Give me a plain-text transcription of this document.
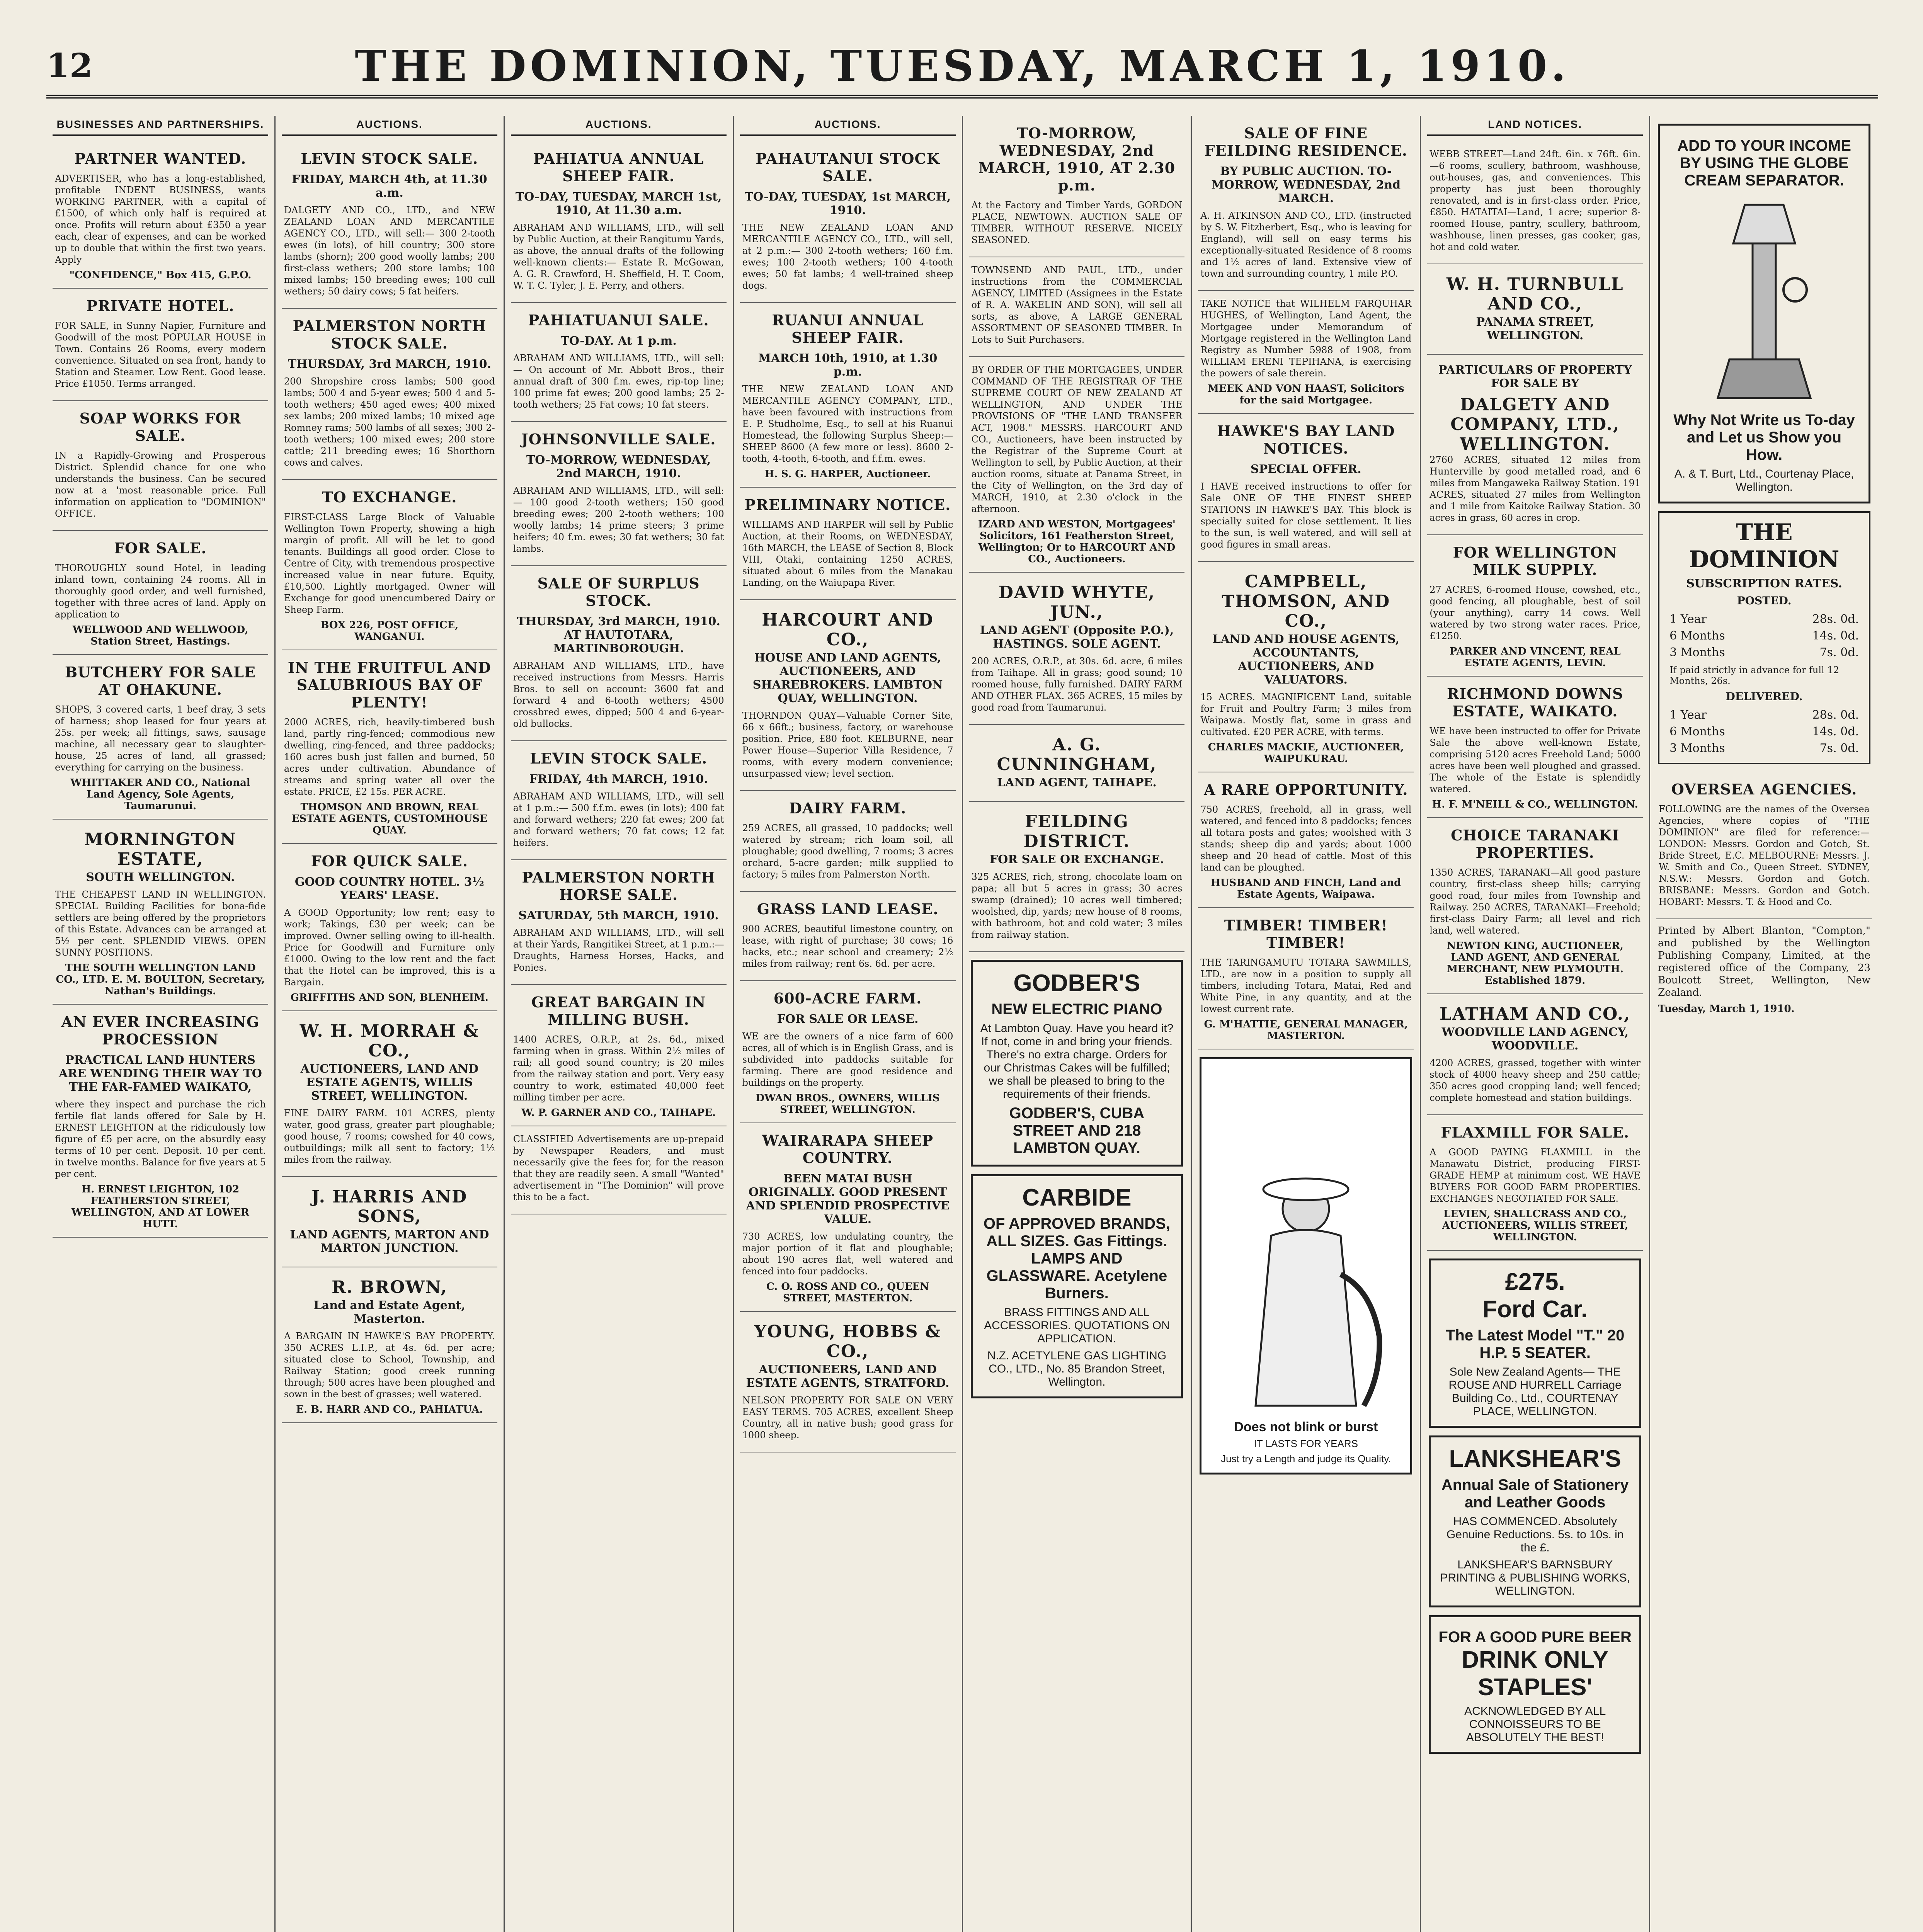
12	THE DOMINION, TUESDAY, MARCH 1, 1910.
BUSINESSES AND PARTNERSHIPS.
PARTNER WANTED.

ADVERTISER, who has a long-established, profitable INDENT BUSINESS, wants WORKING PARTNER, with a capital of £1500, of which only half is required at once. Profits will return about £350 a year each, clear of expenses, and can be worked up to double that within the first two years. Apply

"CONFIDENCE," Box 415, G.P.O.
PRIVATE HOTEL.

FOR SALE, in Sunny Napier, Furniture and Goodwill of the most POPULAR HOUSE in Town. Contains 26 Rooms, every modern convenience. Situated on sea front, handy to Station and Steamer. Low Rent. Good lease. Price £1050. Terms arranged.

SOAP WORKS FOR SALE.

IN a Rapidly-Growing and Prosperous District. Splendid chance for one who understands the business. Can be secured now at a 'most reasonable price. Full information on application to "DOMINION" OFFICE.

FOR SALE.

THOROUGHLY sound Hotel, in leading inland town, containing 24 rooms. All in thoroughly good order, and well furnished, together with three acres of land. Apply on application to

WELLWOOD AND WELLWOOD, Station Street, Hastings.
BUTCHERY FOR SALE AT OHAKUNE.

SHOPS, 3 covered carts, 1 beef dray, 3 sets of harness; shop leased for four years at 25s. per week; all fittings, saws, sausage machine, all necessary gear to slaughter-house, 25 acres of land, all grassed; everything for carrying on the business.

WHITTAKER AND CO., National Land Agency, Sole Agents, Taumarunui.
MORNINGTON ESTATE,
SOUTH WELLINGTON.

THE CHEAPEST LAND IN WELLINGTON. SPECIAL Building Facilities for bona-fide settlers are being offered by the proprietors of this Estate. Advances can be arranged at 5½ per cent. SPLENDID VIEWS. OPEN SUNNY POSITIONS.

THE SOUTH WELLINGTON LAND CO., LTD. E. M. BOULTON, Secretary, Nathan's Buildings.
AN EVER INCREASING PROCESSION
PRACTICAL LAND HUNTERS ARE WENDING THEIR WAY TO THE FAR-FAMED WAIKATO,

where they inspect and purchase the rich fertile flat lands offered for Sale by H. ERNEST LEIGHTON at the ridiculously low figure of £5 per acre, on the absurdly easy terms of 10 per cent. Deposit. 10 per cent. in twelve months. Balance for five years at 5 per cent.

H. ERNEST LEIGHTON, 102 FEATHERSTON STREET, WELLINGTON, AND AT LOWER HUTT.
AUCTIONS.
LEVIN STOCK SALE.
FRIDAY, MARCH 4th, at 11.30 a.m.

DALGETY AND CO., LTD., and NEW ZEALAND LOAN AND MERCANTILE AGENCY CO., LTD., will sell:— 300 2-tooth ewes (in lots), of hill country; 300 store lambs (shorn); 200 good woolly lambs; 200 first-class wethers; 200 store lambs; 100 mixed lambs; 150 breeding ewes; 100 cull wethers; 50 dairy cows; 5 fat heifers.

PALMERSTON NORTH STOCK SALE.
THURSDAY, 3rd MARCH, 1910.

200 Shropshire cross lambs; 500 good lambs; 500 4 and 5-year ewes; 500 4 and 5-tooth wethers; 450 aged ewes; 400 mixed sex lambs; 200 mixed lambs; 10 mixed age Romney rams; 500 lambs of all sexes; 300 2-tooth wethers; 100 mixed ewes; 200 store cattle; 211 breeding ewes; 16 Shorthorn cows and calves.

TO EXCHANGE.

FIRST-CLASS Large Block of Valuable Wellington Town Property, showing a high margin of profit. All will be let to good tenants. Buildings all good order. Close to Centre of City, with tremendous prospective increased value in near future. Equity, £10,500. Lightly mortgaged. Owner will Exchange for good unencumbered Dairy or Sheep Farm.

BOX 226, POST OFFICE, WANGANUI.
IN THE FRUITFUL AND SALUBRIOUS BAY OF PLENTY!

2000 ACRES, rich, heavily-timbered bush land, partly ring-fenced; commodious new dwelling, ring-fenced, and three paddocks; 160 acres bush just fallen and burned, 50 acres under cultivation. Abundance of streams and spring water all over the estate. PRICE, £2 15s. PER ACRE.

THOMSON AND BROWN, REAL ESTATE AGENTS, CUSTOMHOUSE QUAY.
FOR QUICK SALE.
GOOD COUNTRY HOTEL. 3½ YEARS' LEASE.

A GOOD Opportunity; low rent; easy to work; Takings, £30 per week; can be improved. Owner selling owing to ill-health. Price for Goodwill and Furniture only £1000. Owing to the low rent and the fact that the Hotel can be improved, this is a Bargain.

GRIFFITHS AND SON, BLENHEIM.
W. H. MORRAH & CO.,
AUCTIONEERS, LAND AND ESTATE AGENTS, WILLIS STREET, WELLINGTON.

FINE DAIRY FARM. 101 ACRES, plenty water, good grass, greater part ploughable; good house, 7 rooms; cowshed for 40 cows, outbuildings; milk all sent to factory; 1½ miles from the railway.

J. HARRIS AND SONS,
LAND AGENTS, MARTON AND MARTON JUNCTION.
R. BROWN,
Land and Estate Agent, Masterton.

A BARGAIN IN HAWKE'S BAY PROPERTY. 350 ACRES L.I.P., at 4s. 6d. per acre; situated close to School, Township, and Railway Station; good creek running through; 500 acres have been ploughed and sown in the best of grasses; well watered.

E. B. HARR AND CO., PAHIATUA.
AUCTIONS.
PAHIATUA ANNUAL SHEEP FAIR.
TO-DAY, TUESDAY, MARCH 1st, 1910, At 11.30 a.m.

ABRAHAM AND WILLIAMS, LTD., will sell by Public Auction, at their Rangitumu Yards, as above, the annual drafts of the following well-known clients:— Estate R. McGowan, A. G. R. Crawford, H. Sheffield, H. T. Coom, W. T. C. Tyler, J. E. Perry, and others.

PAHIATUANUI SALE.
TO-DAY. At 1 p.m.

ABRAHAM AND WILLIAMS, LTD., will sell:— On account of Mr. Abbott Bros., their annual draft of 300 f.m. ewes, rip-top line; 100 prime fat ewes; 200 good lambs; 25 2-tooth wethers; 25 Fat cows; 10 fat steers.

JOHNSONVILLE SALE.
TO-MORROW, WEDNESDAY, 2nd MARCH, 1910.

ABRAHAM AND WILLIAMS, LTD., will sell:— 100 good 2-tooth wethers; 150 good breeding ewes; 200 2-tooth wethers; 100 woolly lambs; 14 prime steers; 3 prime heifers; 40 f.m. ewes; 30 fat wethers; 30 fat lambs.

SALE OF SURPLUS STOCK.
THURSDAY, 3rd MARCH, 1910. AT HAUTOTARA, MARTINBOROUGH.

ABRAHAM AND WILLIAMS, LTD., have received instructions from Messrs. Harris Bros. to sell on account: 3600 fat and forward 4 and 6-tooth wethers; 4500 crossbred ewes, dipped; 500 4 and 6-year-old bullocks.

LEVIN STOCK SALE.
FRIDAY, 4th MARCH, 1910.

ABRAHAM AND WILLIAMS, LTD., will sell at 1 p.m.:— 500 f.f.m. ewes (in lots); 400 fat and forward wethers; 220 fat ewes; 200 fat and forward wethers; 70 fat cows; 12 fat heifers.

PALMERSTON NORTH HORSE SALE.
SATURDAY, 5th MARCH, 1910.

ABRAHAM AND WILLIAMS, LTD., will sell at their Yards, Rangitikei Street, at 1 p.m.:— Draughts, Harness Horses, Hacks, and Ponies.

GREAT BARGAIN IN MILLING BUSH.

1400 ACRES, O.R.P., at 2s. 6d., mixed farming when in grass. Within 2½ miles of rail; all good sound country; is 20 miles from the railway station and port. Very easy country to work, estimated 40,000 feet milling timber per acre.

W. P. GARNER AND CO., TAIHAPE.

CLASSIFIED Advertisements are up-prepaid by Newspaper Readers, and must necessarily give the fees for, for the reason that they are readily seen. A small "Wanted" advertisement in "The Dominion" will prove this to be a fact.

AUCTIONS.
PAHAUTANUI STOCK SALE.
TO-DAY, TUESDAY, 1st MARCH, 1910.

THE NEW ZEALAND LOAN AND MERCANTILE AGENCY CO., LTD., will sell, at 2 p.m.:— 300 2-tooth wethers; 160 f.m. ewes; 100 2-tooth wethers; 100 4-tooth ewes; 50 fat lambs; 4 well-trained sheep dogs.

RUANUI ANNUAL SHEEP FAIR.
MARCH 10th, 1910, at 1.30 p.m.

THE NEW ZEALAND LOAN AND MERCANTILE AGENCY COMPANY, LTD., have been favoured with instructions from E. P. Studholme, Esq., to sell at his Ruanui Homestead, the following Surplus Sheep:— SHEEP 8600 (A few more or less). 8600 2-tooth, 4-tooth, 6-tooth, and f.f.m. ewes.

H. S. G. HARPER, Auctioneer.
PRELIMINARY NOTICE.

WILLIAMS AND HARPER will sell by Public Auction, at their Rooms, on WEDNESDAY, 16th MARCH, the LEASE of Section 8, Block VIII, Otaki, containing 1250 ACRES, situated about 6 miles from the Manakau Landing, on the Waiupapa River.

HARCOURT AND CO.,
HOUSE AND LAND AGENTS, AUCTIONEERS, AND SHAREBROKERS. LAMBTON QUAY, WELLINGTON.

THORNDON QUAY—Valuable Corner Site, 66 x 66ft.; business, factory, or warehouse position. Price, £80 foot. KELBURNE, near Power House—Superior Villa Residence, 7 rooms, with every modern convenience; unsurpassed view; level section.

DAIRY FARM.

259 ACRES, all grassed, 10 paddocks; well watered by stream; rich loam soil, all ploughable; good dwelling, 7 rooms; 3 acres orchard, 5-acre garden; milk supplied to factory; 5 miles from Palmerston North.

GRASS LAND LEASE.

900 ACRES, beautiful limestone country, on lease, with right of purchase; 30 cows; 16 hacks, etc.; near school and creamery; 2½ miles from railway; rent 6s. 6d. per acre.

600-ACRE FARM.
FOR SALE OR LEASE.

WE are the owners of a nice farm of 600 acres, all of which is in English Grass, and is subdivided into paddocks suitable for farming. There are good residence and buildings on the property.

DWAN BROS., OWNERS, WILLIS STREET, WELLINGTON.
WAIRARAPA SHEEP COUNTRY.
BEEN MATAI BUSH ORIGINALLY. GOOD PRESENT AND SPLENDID PROSPECTIVE VALUE.

730 ACRES, low undulating country, the major portion of it flat and ploughable; about 190 acres flat, well watered and fenced into four paddocks.

C. O. ROSS AND CO., QUEEN STREET, MASTERTON.
YOUNG, HOBBS & CO.,
AUCTIONEERS, LAND AND ESTATE AGENTS, STRATFORD.

NELSON PROPERTY FOR SALE ON VERY EASY TERMS. 705 ACRES, excellent Sheep Country, all in native bush; good grass for 1000 sheep.

TO-MORROW, WEDNESDAY, 2nd MARCH, 1910, AT 2.30 p.m.

At the Factory and Timber Yards, GORDON PLACE, NEWTOWN. AUCTION SALE OF TIMBER. WITHOUT RESERVE. NICELY SEASONED.

TOWNSEND AND PAUL, LTD., under instructions from the COMMERCIAL AGENCY, LIMITED (Assignees in the Estate of R. A. WAKELIN AND SON), will sell all sorts, as above, A LARGE GENERAL ASSORTMENT OF SEASONED TIMBER. In Lots to Suit Purchasers.

BY ORDER OF THE MORTGAGEES, UNDER COMMAND OF THE REGISTRAR OF THE SUPREME COURT OF NEW ZEALAND AT WELLINGTON, AND UNDER THE PROVISIONS OF "THE LAND TRANSFER ACT, 1908." MESSRS. HARCOURT AND CO., Auctioneers, have been instructed by the Registrar of the Supreme Court at Wellington to sell, by Public Auction, at their auction rooms, situate at Panama Street, in the City of Wellington, on the 3rd day of MARCH, 1910, at 2.30 o'clock in the afternoon.

IZARD AND WESTON, Mortgagees' Solicitors, 161 Featherston Street, Wellington; Or to HARCOURT AND CO., Auctioneers.
DAVID WHYTE, JUN.,
LAND AGENT (Opposite P.O.), HASTINGS. SOLE AGENT.

200 ACRES, O.R.P., at 30s. 6d. acre, 6 miles from Taihape. All in grass; good sound; 10 roomed house, fully furnished. DAIRY FARM AND OTHER FLAX. 365 ACRES, 15 miles by good road from Taumarunui.

A. G. CUNNINGHAM,
LAND AGENT, TAIHAPE.
FEILDING DISTRICT.
FOR SALE OR EXCHANGE.

325 ACRES, rich, strong, chocolate loam on papa; all but 5 acres in grass; 30 acres swamp (drained); 10 acres well timbered; woolshed, dip, yards; new house of 8 rooms, with bathroom, hot and cold water; 3 miles from railway station.

GODBER'S
NEW ELECTRIC PIANO
At Lambton Quay. Have you heard it? If not, come in and bring your friends. There's no extra charge. Orders for our Christmas Cakes will be fulfilled; we shall be pleased to bring to the requirements of their friends.
GODBER'S, CUBA STREET AND 218 LAMBTON QUAY.
CARBIDE
OF APPROVED BRANDS, ALL SIZES. Gas Fittings. LAMPS AND GLASSWARE. Acetylene Burners.
BRASS FITTINGS AND ALL ACCESSORIES. QUOTATIONS ON APPLICATION.
N.Z. ACETYLENE GAS LIGHTING CO., LTD., No. 85 Brandon Street, Wellington.
SALE OF FINE FEILDING RESIDENCE.
BY PUBLIC AUCTION. TO-MORROW, WEDNESDAY, 2nd MARCH.

A. H. ATKINSON AND CO., LTD. (instructed by S. W. Fitzherbert, Esq., who is leaving for England), will sell on easy terms his exceptionally-situated Residence of 8 rooms and 1½ acres of land. Extensive view of town and surrounding country, 1 mile P.O.

TAKE NOTICE that WILHELM FARQUHAR HUGHES, of Wellington, Land Agent, the Mortgagee under Memorandum of Mortgage registered in the Wellington Land Registry as Number 5988 of 1908, from WILLIAM ERENI TEPIHANA, is exercising the powers of sale therein.

MEEK AND VON HAAST, Solicitors for the said Mortgagee.
HAWKE'S BAY LAND NOTICES.
SPECIAL OFFER.

I HAVE received instructions to offer for Sale ONE OF THE FINEST SHEEP STATIONS IN HAWKE'S BAY. This block is specially suited for close settlement. It lies to the sun, is well watered, and will sell at good figures in small areas.

CAMPBELL, THOMSON, AND CO.,
LAND AND HOUSE AGENTS, ACCOUNTANTS, AUCTIONEERS, AND VALUATORS.

15 ACRES. MAGNIFICENT Land, suitable for Fruit and Poultry Farm; 3 miles from Waipawa. Mostly flat, some in grass and cultivated. £20 PER ACRE, with terms.

CHARLES MACKIE, AUCTIONEER, WAIPUKURAU.
A RARE OPPORTUNITY.

750 ACRES, freehold, all in grass, well watered, and fenced into 8 paddocks; fences all totara posts and gates; woolshed with 3 stands; sheep dip and yards; about 1000 sheep and 20 head of cattle. Most of this land can be ploughed.

HUSBAND AND FINCH, Land and Estate Agents, Waipawa.
TIMBER! TIMBER! TIMBER!

THE TARINGAMUTU TOTARA SAWMILLS, LTD., are now in a position to supply all timbers, including Totara, Matai, Red and White Pine, in any quantity, and at the lowest current rate.

G. M'HATTIE, GENERAL MANAGER, MASTERTON.
Does not blink or burst
IT LASTS FOR YEARS
Just try a Length and judge its Quality.
LAND NOTICES.

WEBB STREET—Land 24ft. 6in. x 76ft. 6in.—6 rooms, scullery, bathroom, washhouse, out-houses, gas, and conveniences. This property has just been thoroughly renovated, and is in first-class order. Price, £850. HATAITAI—Land, 1 acre; superior 8-roomed House, pantry, scullery, bathroom, washhouse, linen presses, gas cooker, gas, hot and cold water.

W. H. TURNBULL AND CO.,
PANAMA STREET, WELLINGTON.
PARTICULARS OF PROPERTY FOR SALE BY
DALGETY AND COMPANY, LTD., WELLINGTON.

2760 ACRES, situated 12 miles from Hunterville by good metalled road, and 6 miles from Mangaweka Railway Station. 191 ACRES, situated 27 miles from Wellington and 1 mile from Kaitoke Railway Station. 30 acres in grass, 60 acres in crop.

FOR WELLINGTON MILK SUPPLY.

27 ACRES, 6-roomed House, cowshed, etc., good fencing, all ploughable, best of soil (your anything), carry 14 cows. Well watered by two strong water races. Price, £1250.

PARKER AND VINCENT, REAL ESTATE AGENTS, LEVIN.
RICHMOND DOWNS ESTATE, WAIKATO.

WE have been instructed to offer for Private Sale the above well-known Estate, comprising 5120 acres Freehold Land; 5000 acres have been well ploughed and grassed. The whole of the Estate is splendidly watered.

H. F. M'NEILL & CO., WELLINGTON.
CHOICE TARANAKI PROPERTIES.

1350 ACRES, TARANAKI—All good pasture country, first-class sheep hills; carrying good road, four miles from Township and Railway. 250 ACRES, TARANAKI—Freehold; first-class Dairy Farm; all level and rich land, well watered.

NEWTON KING, AUCTIONEER, LAND AGENT, AND GENERAL MERCHANT, NEW PLYMOUTH. Established 1879.
LATHAM AND CO.,
WOODVILLE LAND AGENCY, WOODVILLE.

4200 ACRES, grassed, together with winter stock of 4000 heavy sheep and 250 cattle; 350 acres good cropping land; well fenced; complete homestead and station buildings.

FLAXMILL FOR SALE.

A GOOD PAYING FLAXMILL in the Manawatu District, producing FIRST-GRADE HEMP at minimum cost. WE HAVE BUYERS FOR GOOD FARM PROPERTIES. EXCHANGES NEGOTIATED FOR SALE.

LEVIEN, SHALLCRASS AND CO., AUCTIONEERS, WILLIS STREET, WELLINGTON.
£275.
Ford Car.
The Latest Model "T." 20 H.P. 5 SEATER.
Sole New Zealand Agents— THE ROUSE AND HURRELL Carriage Building Co., Ltd., COURTENAY PLACE, WELLINGTON.
LANKSHEAR'S
Annual Sale of Stationery and Leather Goods
HAS COMMENCED. Absolutely Genuine Reductions. 5s. to 10s. in the £.
LANKSHEAR'S BARNSBURY PRINTING & PUBLISHING WORKS, WELLINGTON.
FOR A GOOD PURE BEER
DRINK ONLY STAPLES'
ACKNOWLEDGED BY ALL CONNOISSEURS TO BE ABSOLUTELY THE BEST!
ADD TO YOUR INCOME BY USING THE GLOBE CREAM SEPARATOR.
Why Not Write us To-day and Let us Show you How.
A. & T. Burt, Ltd., Courtenay Place, Wellington.
THE DOMINION
SUBSCRIPTION RATES.
POSTED.
1 Year	28s. 0d.
6 Months	14s. 0d.
3 Months	7s. 0d.

If paid strictly in advance for full 12 Months, 26s.

DELIVERED.
1 Year	28s. 0d.
6 Months	14s. 0d.
3 Months	7s. 0d.
OVERSEA AGENCIES.

FOLLOWING are the names of the Oversea Agencies, where copies of "THE DOMINION" are filed for reference:— LONDON: Messrs. Gordon and Gotch, St. Bride Street, E.C. MELBOURNE: Messrs. J. W. Smith and Co., Queen Street. SYDNEY, N.S.W.: Messrs. Gordon and Gotch. BRISBANE: Messrs. Gordon and Gotch. HOBART: Messrs. T. & Hood and Co.

Printed by Albert Blanton, "Compton," and published by the Wellington Publishing Company, Limited, at the registered office of the Company, 23 Boulcott Street, Wellington, New Zealand.
Tuesday, March 1, 1910.
